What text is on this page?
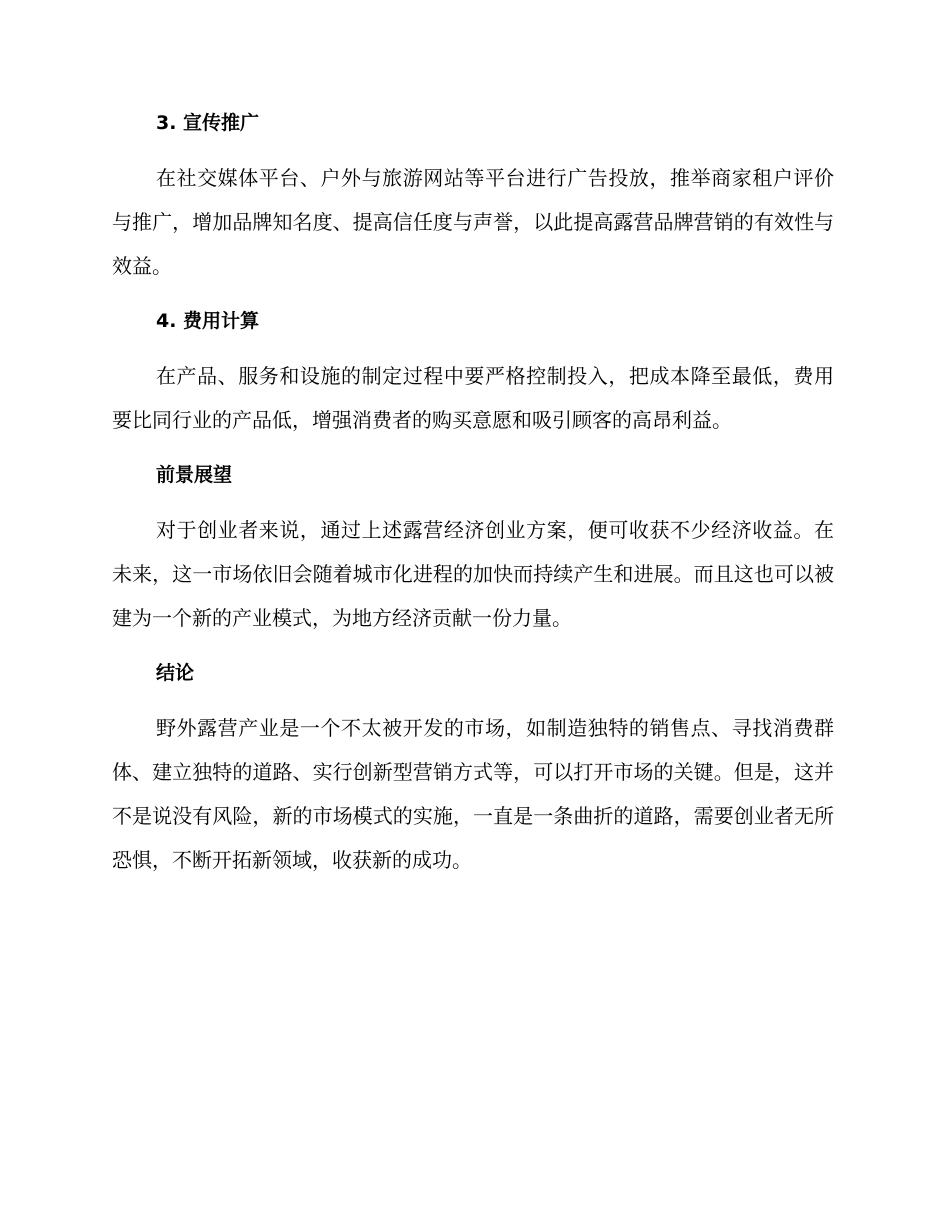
3. 宣传推广

在社交媒体平台、户外与旅游网站等平台进行广告投放，推举商家租户评价与推广，增加品牌知名度、提高信任度与声誉，以此提高露营品牌营销的有效性与效益。

4. 费用计算

在产品、服务和设施的制定过程中要严格控制投入，把成本降至最低，费用要比同行业的产品低，增强消费者的购买意愿和吸引顾客的高昂利益。

前景展望

对于创业者来说，通过上述露营经济创业方案，便可收获不少经济收益。在未来，这一市场依旧会随着城市化进程的加快而持续产生和进展。而且这也可以被建为一个新的产业模式，为地方经济贡献一份力量。

结论

野外露营产业是一个不太被开发的市场，如制造独特的销售点、寻找消费群体、建立独特的道路、实行创新型营销方式等，可以打开市场的关键。但是，这并不是说没有风险，新的市场模式的实施，一直是一条曲折的道路，需要创业者无所恐惧，不断开拓新领域，收获新的成功。
